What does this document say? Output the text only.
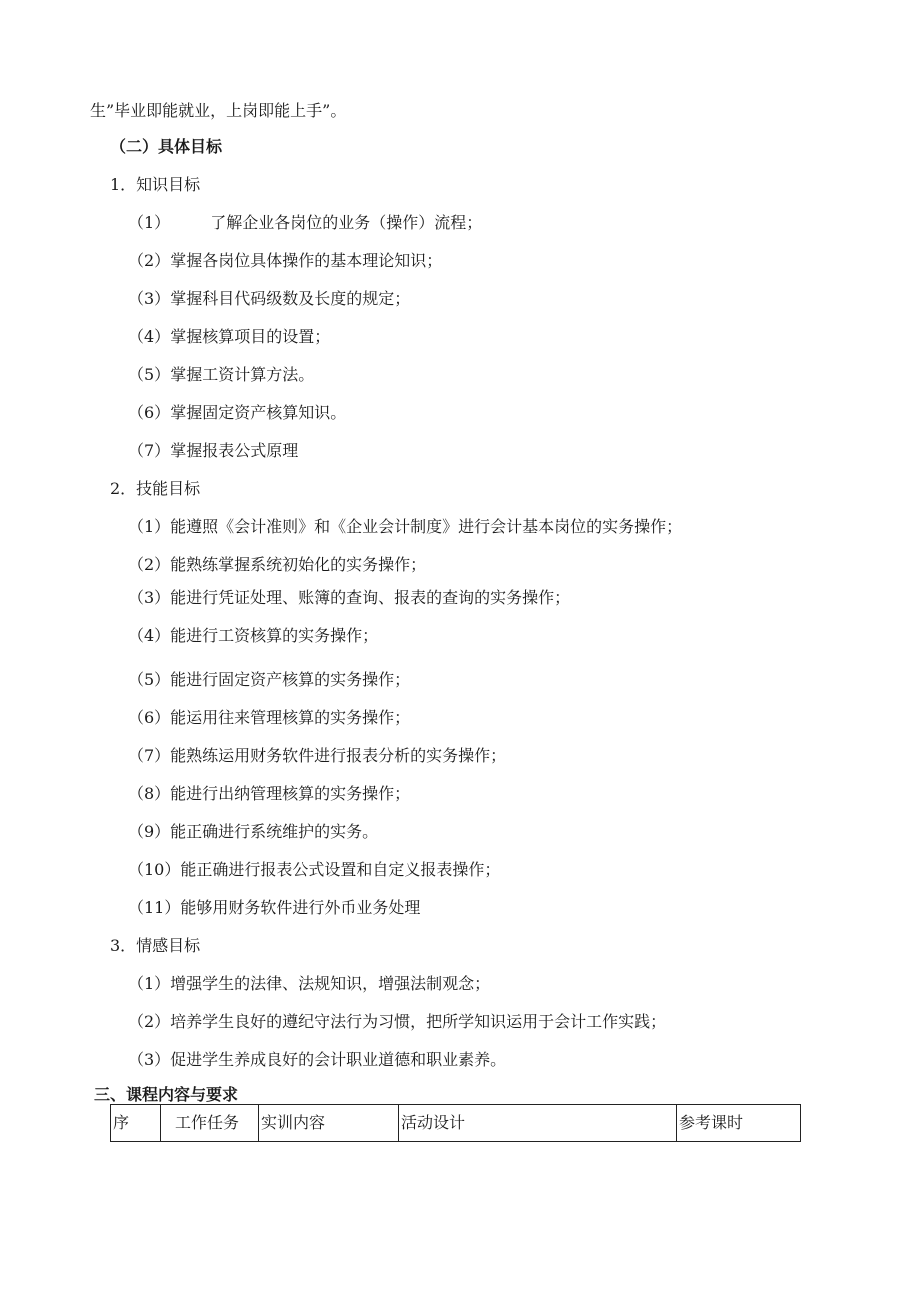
生”毕业即能就业，上岗即能上手”。
（二）具体目标
1．知识目标
（1）	了解企业各岗位的业务（操作）流程；
（2）掌握各岗位具体操作的基本理论知识；
（3）掌握科目代码级数及长度的规定；
（4）掌握核算项目的设置；
（5）掌握工资计算方法。
（6）掌握固定资产核算知识。
（7）掌握报表公式原理
2．技能目标
（1）能遵照《会计准则》和《企业会计制度》进行会计基本岗位的实务操作；
（2）能熟练掌握系统初始化的实务操作；
（3）能进行凭证处理、账簿的查询、报表的查询的实务操作；
（4）能进行工资核算的实务操作；
（5）能进行固定资产核算的实务操作；
（6）能运用往来管理核算的实务操作；
（7）能熟练运用财务软件进行报表分析的实务操作；
（8）能进行出纳管理核算的实务操作；
（9）能正确进行系统维护的实务。
（10）能正确进行报表公式设置和自定义报表操作；
（11）能够用财务软件进行外币业务处理
3．情感目标
（1）增强学生的法律、法规知识，增强法制观念；
（2）培养学生良好的遵纪守法行为习惯，把所学知识运用于会计工作实践；
（3）促进学生养成良好的会计职业道德和职业素养。
三、课程内容与要求
序	工作任务	实训内容	活动设计	参考课时
